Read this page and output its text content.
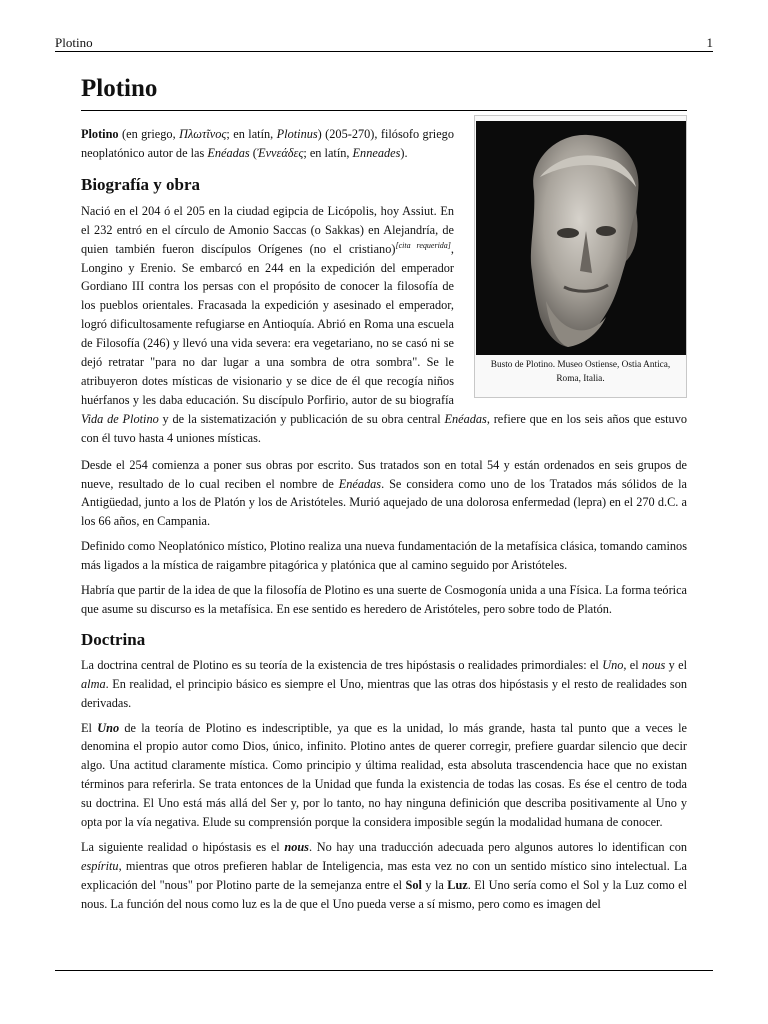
Plotino	1
Plotino
Busto de Plotino. Museo Ostiense, Ostia Antica, Roma, Italia.

Plotino (en griego, Πλωτῖνος; en latín, Plotinus) (205-270), filósofo griego neoplatónico autor de las Enéadas (Ἐννεάδες; en latín, Enneades).

Biografía y obra

Nació en el 204 ó el 205 en la ciudad egipcia de Licópolis, hoy Assiut. En el 232 entró en el círculo de Amonio Saccas (o Sakkas) en Alejandría, de quien también fueron discípulos Orígenes (no el cristiano)[cita requerida], Longino y Erenio. Se embarcó en 244 en la expedición del emperador Gordiano III contra los persas con el propósito de conocer la filosofía de los pueblos orientales. Fracasada la expedición y asesinado el emperador, logró dificultosamente refugiarse en Antioquía. Abrió en Roma una escuela de Filosofía (246) y llevó una vida severa: era vegetariano, no se casó ni se dejó retratar "para no dar lugar a una sombra de otra sombra". Se le atribuyeron dotes místicas de visionario y se dice de él que recogía niños huérfanos y les daba educación. Su discípulo Porfirio, autor de su biografía Vida de Plotino y de la sistematización y publicación de su obra central Enéadas, refiere que en los seis años que estuvo con él tuvo hasta 4 uniones místicas.

Desde el 254 comienza a poner sus obras por escrito. Sus tratados son en total 54 y están ordenados en seis grupos de nueve, resultado de lo cual reciben el nombre de Enéadas. Se considera como uno de los Tratados más sólidos de la Antigüedad, junto a los de Platón y los de Aristóteles. Murió aquejado de una dolorosa enfermedad (lepra) en el 270 d.C. a los 66 años, en Campania.

Definido como Neoplatónico místico, Plotino realiza una nueva fundamentación de la metafísica clásica, tomando caminos más ligados a la mística de raigambre pitagórica y platónica que al camino seguido por Aristóteles.

Habría que partir de la idea de que la filosofía de Plotino es una suerte de Cosmogonía unida a una Física. La forma teórica que asume su discurso es la metafísica. En ese sentido es heredero de Aristóteles, pero sobre todo de Platón.

Doctrina

La doctrina central de Plotino es su teoría de la existencia de tres hipóstasis o realidades primordiales: el Uno, el nous y el alma. En realidad, el principio básico es siempre el Uno, mientras que las otras dos hipóstasis y el resto de realidades son derivadas.

El Uno de la teoría de Plotino es indescriptible, ya que es la unidad, lo más grande, hasta tal punto que a veces le denomina el propio autor como Dios, único, infinito. Plotino antes de querer corregir, prefiere guardar silencio que decir algo. Una actitud claramente mística. Como principio y última realidad, esta absoluta trascendencia hace que no existan términos para referirla. Se trata entonces de la Unidad que funda la existencia de todas las cosas. Es ése el centro de toda su doctrina. El Uno está más allá del Ser y, por lo tanto, no hay ninguna definición que describa positivamente al Uno y opta por la vía negativa. Elude su comprensión porque la considera imposible según la modalidad humana de conocer.

La siguiente realidad o hipóstasis es el nous. No hay una traducción adecuada pero algunos autores lo identifican con espíritu, mientras que otros prefieren hablar de Inteligencia, mas esta vez no con un sentido místico sino intelectual. La explicación del "nous" por Plotino parte de la semejanza entre el Sol y la Luz. El Uno sería como el Sol y la Luz como el nous. La función del nous como luz es la de que el Uno pueda verse a sí mismo, pero como es imagen del
